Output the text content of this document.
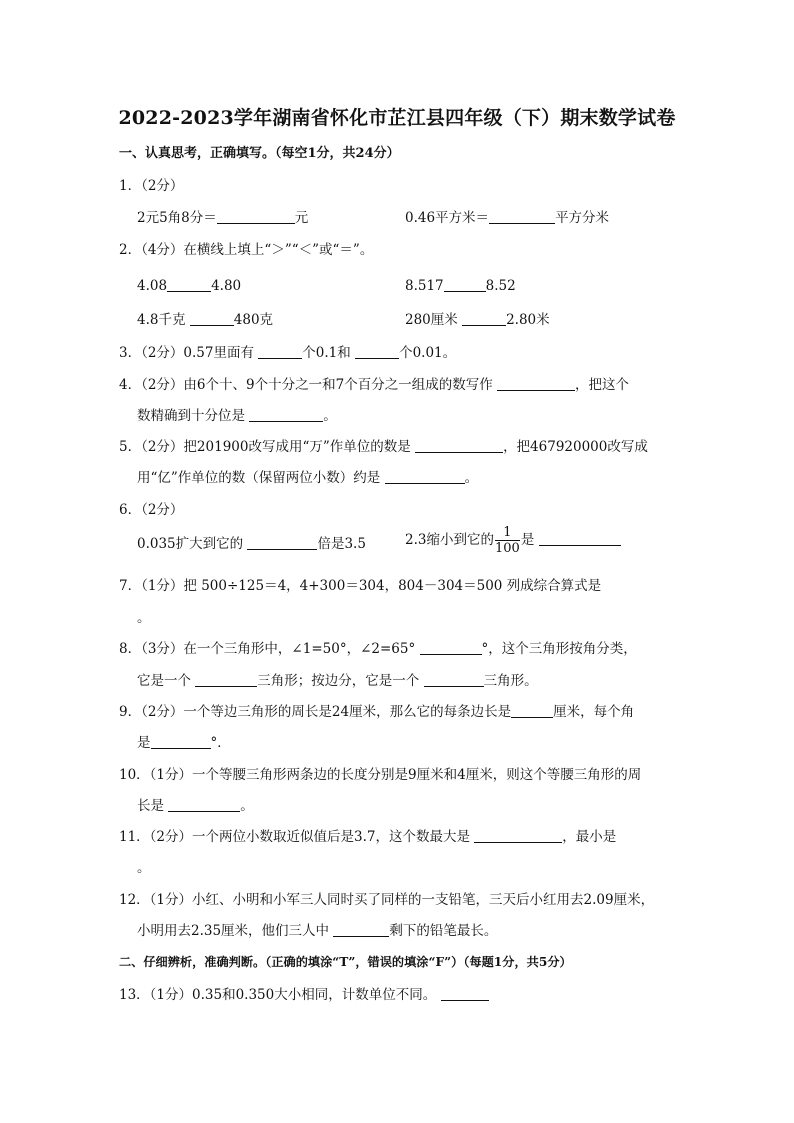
2022-2023学年湖南省怀化市芷江县四年级（下）期末数学试卷
一、认真思考，正确填写。（每空1分，共24分）
1．（2分）
2元5角8分＝	元	0.46平方米＝	平方分米
2．（4分）在横线上填上“＞”“＜”或“＝”。
4.08	4.80	8.517	8.52
4.8千克	480克	280厘米	2.80米
3．（2分）0.57里面有	个0.1和	个0.01。
4．（2分）由6个十、9个十分之一和7个百分之一组成的数写作	，把这个
数精确到十分位是	。
5．（2分）把201900改写成用“万”作单位的数是	，把467920000改写成
用“亿”作单位的数（保留两位小数）约是	。
6．（2分）
0.035扩大到它的	倍是3.5	2.3缩小到它的 $\frac{1}{100}$ 是
7．（1分）把 500÷125＝4，4+300＝304，804－304＝500 列成综合算式是
。
8．（3分）在一个三角形中，∠1=50°，∠2=65°	°，这个三角形按角分类，
它是一个	三角形；按边分，它是一个	三角形。
9．（2分）一个等边三角形的周长是24厘米，那么它的每条边长是	厘米，每个角
是	°．
10．（1分）一个等腰三角形两条边的长度分别是9厘米和4厘米，则这个等腰三角形的周
长是	。
11．（2分）一个两位小数取近似值后是3.7，这个数最大是	，最小是
。
12．（1分）小红、小明和小军三人同时买了同样的一支铅笔，三天后小红用去2.09厘米，
小明用去2.35厘米，他们三人中	剩下的铅笔最长。
二、仔细辨析，准确判断。（正确的填涂“T”，错误的填涂“F”）（每题1分，共5分）
13．（1分）0.35和0.350大小相同，计数单位不同。
